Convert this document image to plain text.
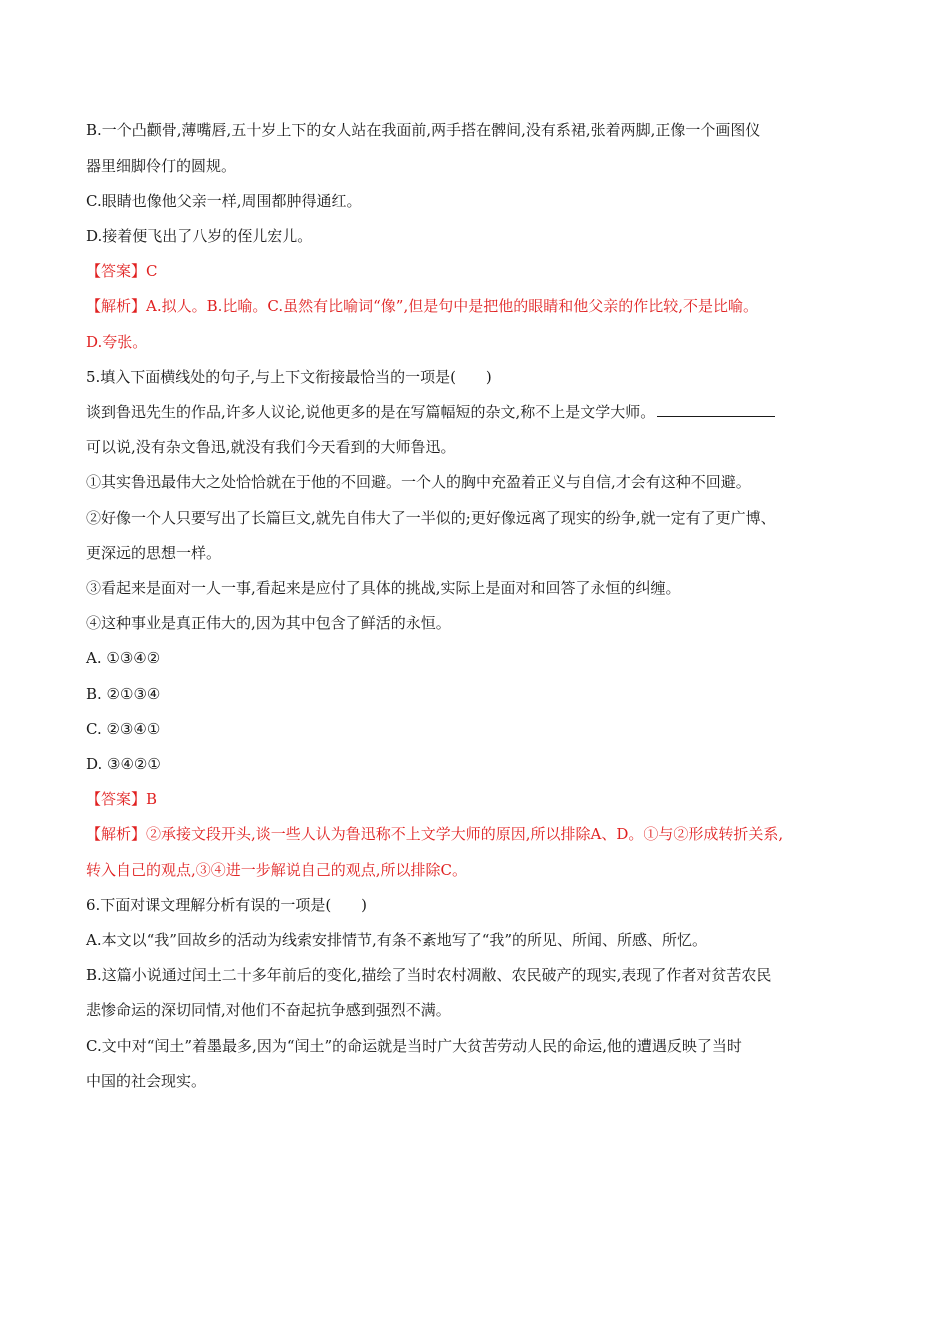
B.一个凸颧骨,薄嘴唇,五十岁上下的女人站在我面前,两手搭在髀间,没有系裙,张着两脚,正像一个画图仪

器里细脚伶仃的圆规。

C.眼睛也像他父亲一样,周围都肿得通红。

D.接着便飞出了八岁的侄儿宏儿。

【答案】C

【解析】A.拟人。B.比喻。C.虽然有比喻词“像”,但是句中是把他的眼睛和他父亲的作比较,不是比喻。

D.夸张。

5.填入下面横线处的句子,与上下文衔接最恰当的一项是(　　)

谈到鲁迅先生的作品,许多人议论,说他更多的是在写篇幅短的杂文,称不上是文学大师。

可以说,没有杂文鲁迅,就没有我们今天看到的大师鲁迅。

①其实鲁迅最伟大之处恰恰就在于他的不回避。一个人的胸中充盈着正义与自信,才会有这种不回避。

②好像一个人只要写出了长篇巨文,就先自伟大了一半似的;更好像远离了现实的纷争,就一定有了更广博、

更深远的思想一样。

③看起来是面对一人一事,看起来是应付了具体的挑战,实际上是面对和回答了永恒的纠缠。

④这种事业是真正伟大的,因为其中包含了鲜活的永恒。

A. ①③④②

B. ②①③④

C. ②③④①

D. ③④②①

【答案】B

【解析】②承接文段开头,谈一些人认为鲁迅称不上文学大师的原因,所以排除A、D。①与②形成转折关系,

转入自己的观点,③④进一步解说自己的观点,所以排除C。

6.下面对课文理解分析有误的一项是(　　)

A.本文以“我”回故乡的活动为线索安排情节,有条不紊地写了“我”的所见、所闻、所感、所忆。

B.这篇小说通过闰土二十多年前后的变化,描绘了当时农村凋敝、农民破产的现实,表现了作者对贫苦农民

悲惨命运的深切同情,对他们不奋起抗争感到强烈不满。

C.文中对“闰土”着墨最多,因为“闰土”的命运就是当时广大贫苦劳动人民的命运,他的遭遇反映了当时

中国的社会现实。
